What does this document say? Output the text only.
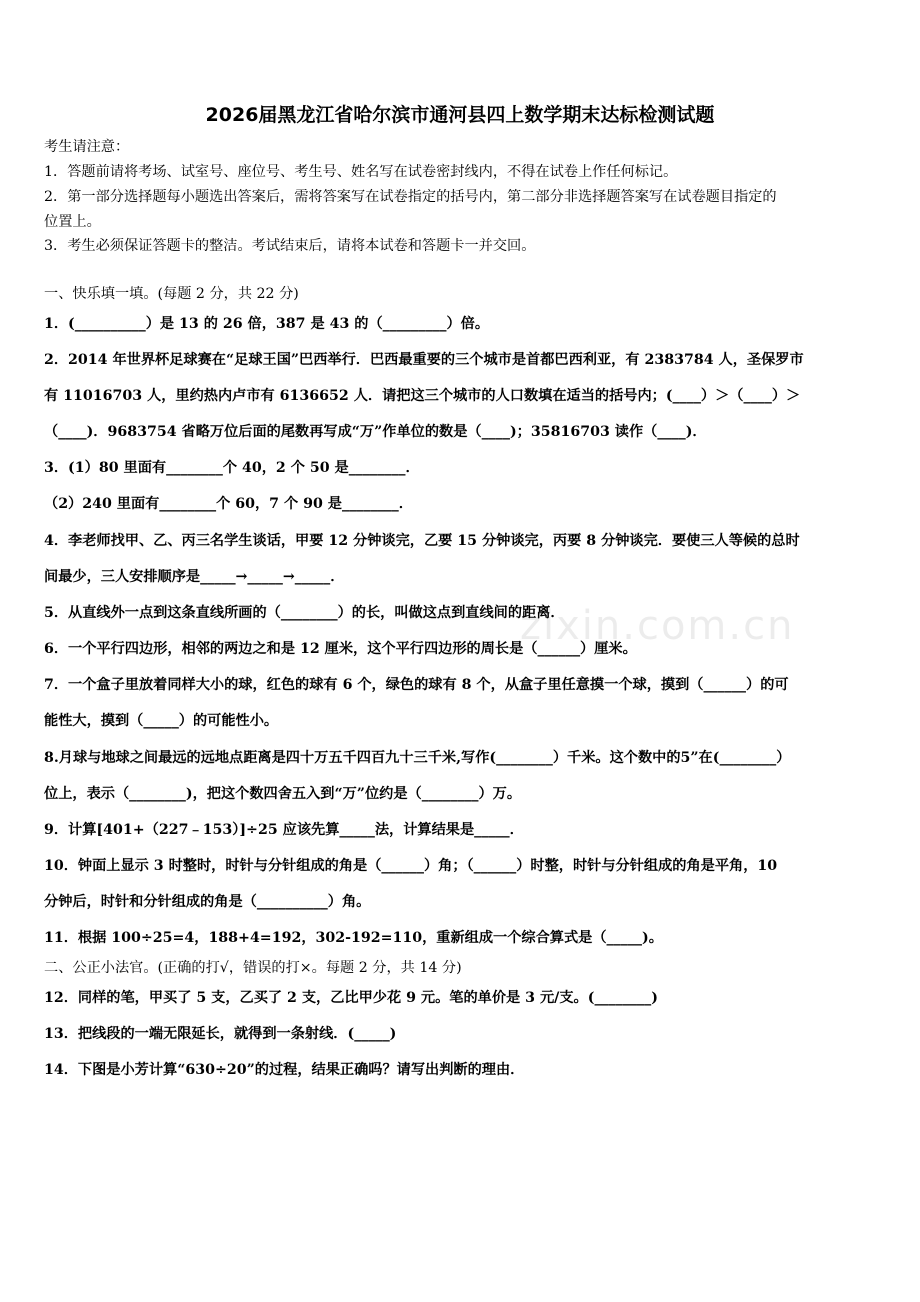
2026届黑龙江省哈尔滨市通河县四上数学期末达标检测试题
考生请注意：
1．答题前请将考场、试室号、座位号、考生号、姓名写在试卷密封线内，不得在试卷上作任何标记。
2．第一部分选择题每小题选出答案后，需将答案写在试卷指定的括号内，第二部分非选择题答案写在试卷题目指定的
位置上。
3．考生必须保证答题卡的整洁。考试结束后，请将本试卷和答题卡一并交回。
一、快乐填一填。(每题 2 分，共 22 分)
1．(__________）是 13 的 26 倍，387 是 43 的（_________）倍。
2．2014 年世界杯足球赛在“足球王国”巴西举行．巴西最重要的三个城市是首都巴西利亚，有 2383784 人，圣保罗市
有 11016703 人，里约热内卢市有 6136652 人．请把这三个城市的人口数填在适当的括号内；(____）＞（____）＞
（____)．9683754 省略万位后面的尾数再写成“万”作单位的数是（____)；35816703 读作（____)．
3．(1）80 里面有________个 40，2 个 50 是________．
（2）240 里面有________个 60，7 个 90 是________．
4．李老师找甲、乙、丙三名学生谈话，甲要 12 分钟谈完，乙要 15 分钟谈完，丙要 8 分钟谈完．要使三人等候的总时
间最少，三人安排顺序是_____→_____→_____．
5．从直线外一点到这条直线所画的（________）的长，叫做这点到直线间的距离．
6．一个平行四边形，相邻的两边之和是 12 厘米，这个平行四边形的周长是（______）厘米。
7．一个盒子里放着同样大小的球，红色的球有 6 个，绿色的球有 8 个，从盒子里任意摸一个球，摸到（______）的可
能性大，摸到（_____）的可能性小。
8.月球与地球之间最远的远地点距离是四十万五千四百九十三千米,写作(________）千米。这个数中的5”在(________）
位上，表示（________)，把这个数四舍五入到“万”位约是（________）万。
9．计算[401+（227﹣153）]÷25 应该先算_____法，计算结果是_____．
10．钟面上显示 3 时整时，时针与分针组成的角是（______）角；（______）时整，时针与分针组成的角是平角，10
分钟后，时针和分针组成的角是（__________）角。
11．根据 100÷25=4，188+4=192，302-192=110，重新组成一个综合算式是（_____)。
二、公正小法官。(正确的打√，错误的打×。每题 2 分，共 14 分)
12．同样的笔，甲买了 5 支，乙买了 2 支，乙比甲少花 9 元。笔的单价是 3 元/支。(________)
13．把线段的一端无限延长，就得到一条射线．(_____)
14．下图是小芳计算“630÷20”的过程，结果正确吗？请写出判断的理由．
zixin.com.cn
